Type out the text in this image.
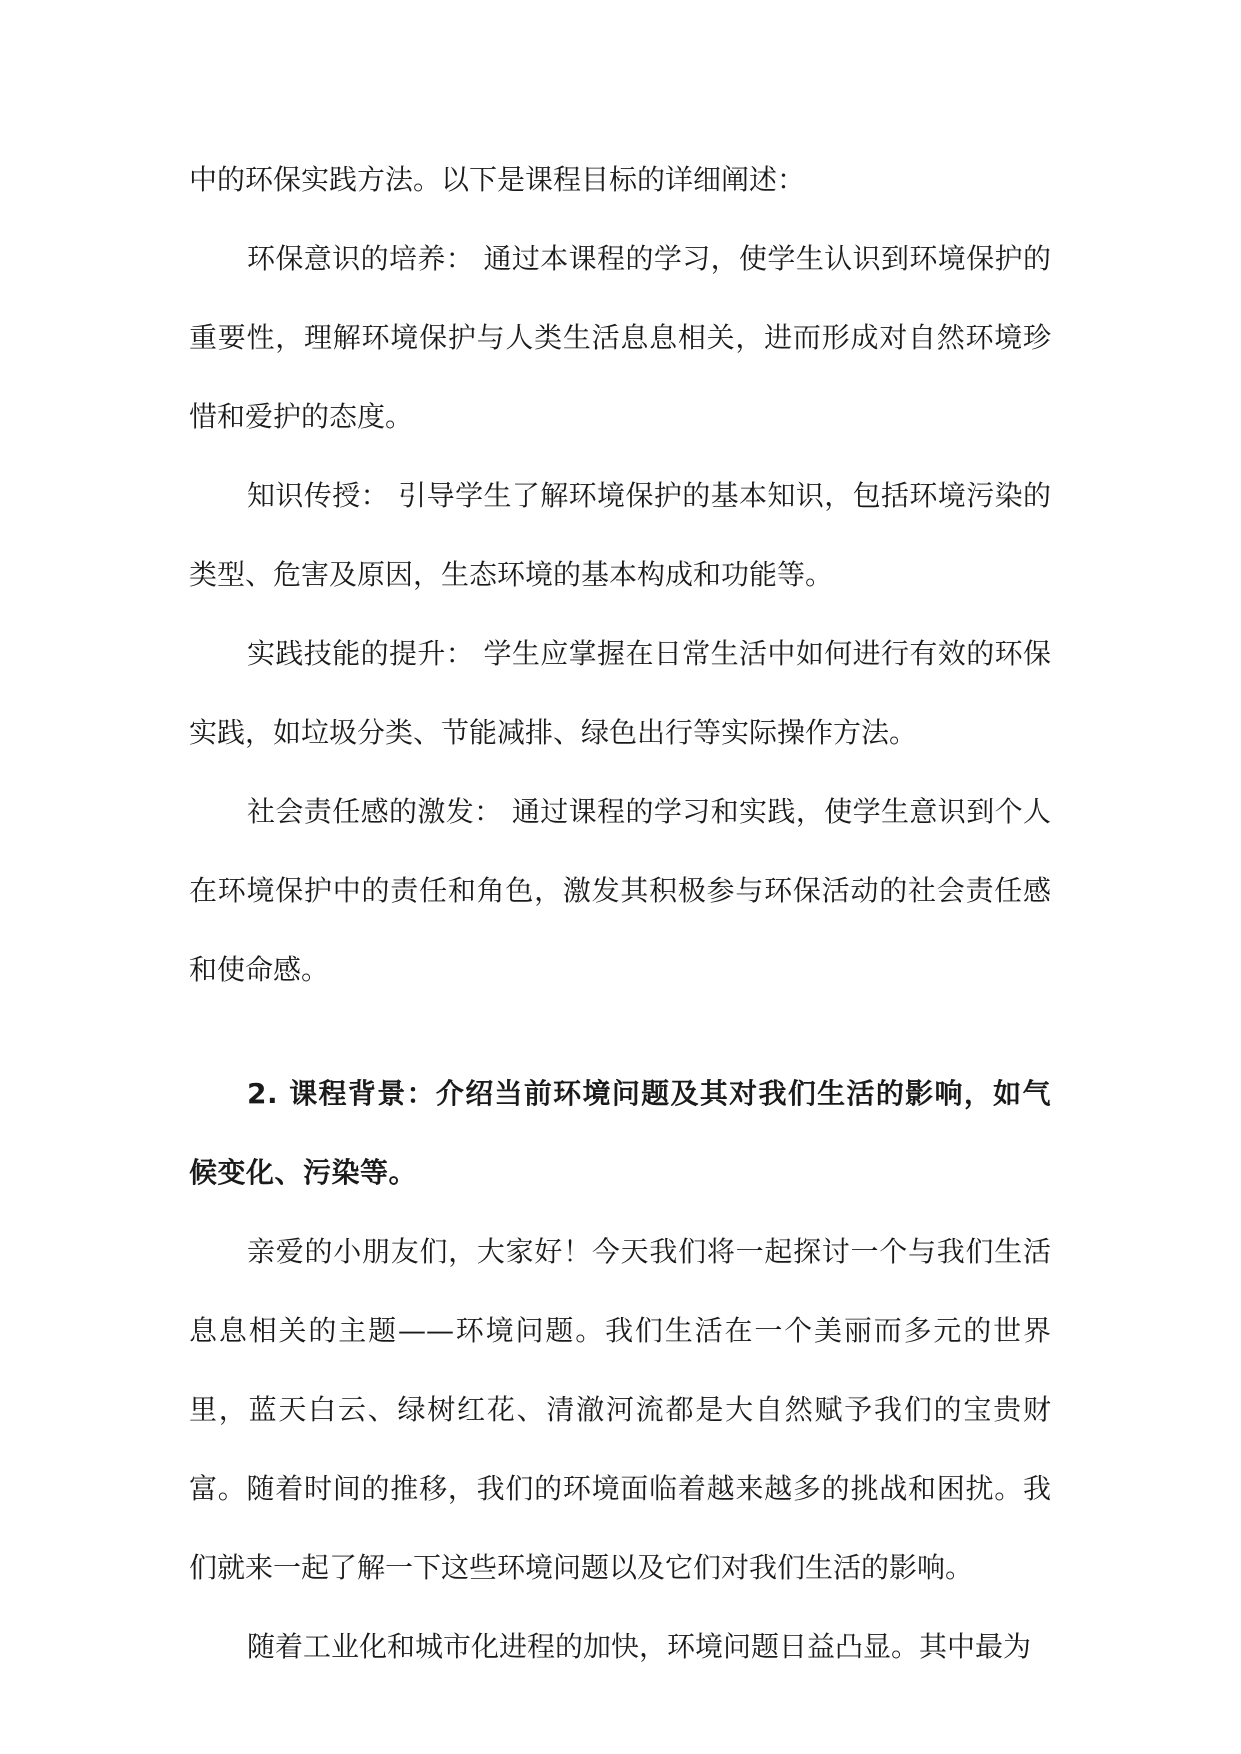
中的环保实践方法。以下是课程目标的详细阐述：

环保意识的培养： 通过本课程的学习，使学生认识到环境保护的重要性，理解环境保护与人类生活息息相关，进而形成对自然环境珍惜和爱护的态度。

知识传授： 引导学生了解环境保护的基本知识，包括环境污染的类型、危害及原因，生态环境的基本构成和功能等。

实践技能的提升： 学生应掌握在日常生活中如何进行有效的环保实践，如垃圾分类、节能减排、绿色出行等实际操作方法。

社会责任感的激发： 通过课程的学习和实践，使学生意识到个人在环境保护中的责任和角色，激发其积极参与环保活动的社会责任感和使命感。

2. 课程背景：介绍当前环境问题及其对我们生活的影响，如气候变化、污染等。

亲爱的小朋友们，大家好！今天我们将一起探讨一个与我们生活息息相关的主题——环境问题。我们生活在一个美丽而多元的世界里，蓝天白云、绿树红花、清澈河流都是大自然赋予我们的宝贵财富。随着时间的推移，我们的环境面临着越来越多的挑战和困扰。我们就来一起了解一下这些环境问题以及它们对我们生活的影响。

随着工业化和城市化进程的加快，环境问题日益凸显。其中最为
